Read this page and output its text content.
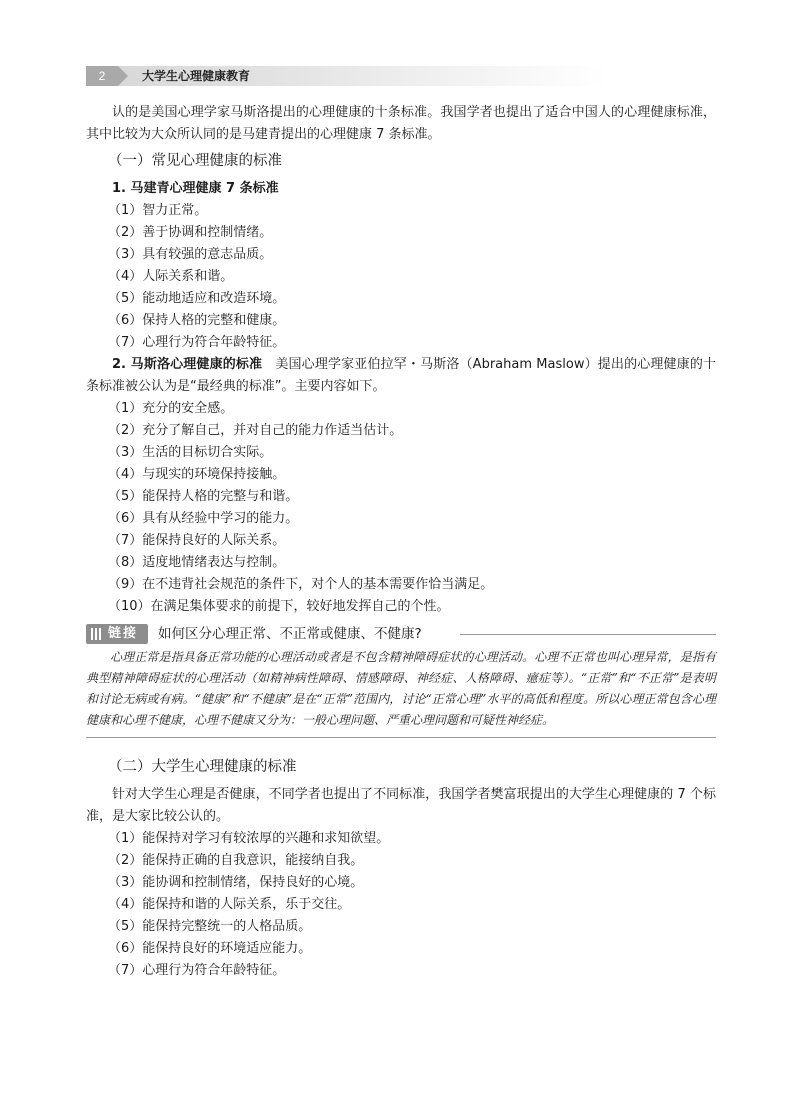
2	大学生心理健康教育

认的是美国心理学家马斯洛提出的心理健康的十条标准。我国学者也提出了适合中国人的心理健康标准，其中比较为大众所认同的是马建青提出的心理健康 7 条标准。

（一）常见心理健康的标准

1. 马建青心理健康 7 条标准

（1）智力正常。

（2）善于协调和控制情绪。

（3）具有较强的意志品质。

（4）人际关系和谐。

（5）能动地适应和改造环境。

（6）保持人格的完整和健康。

（7）心理行为符合年龄特征。

2. 马斯洛心理健康的标准　美国心理学家亚伯拉罕・马斯洛（Abraham Maslow）提出的心理健康的十条标准被公认为是“最经典的标准”。主要内容如下。

（1）充分的安全感。

（2）充分了解自己，并对自己的能力作适当估计。

（3）生活的目标切合实际。

（4）与现实的环境保持接触。

（5）能保持人格的完整与和谐。

（6）具有从经验中学习的能力。

（7）能保持良好的人际关系。

（8）适度地情绪表达与控制。

（9）在不违背社会规范的条件下，对个人的基本需要作恰当满足。

（10）在满足集体要求的前提下，较好地发挥自己的个性。

链接 如何区分心理正常、不正常或健康、不健康?

心理正常是指具备正常功能的心理活动或者是不包含精神障碍症状的心理活动。心理不正常也叫心理异常，是指有典型精神障碍症状的心理活动（如精神病性障碍、情感障碍、神经症、人格障碍、癔症等）。“正常”和“不正常”是表明和讨论无病或有病。“健康”和“不健康”是在“正常”范围内，讨论“正常心理”水平的高低和程度。所以心理正常包含心理健康和心理不健康，心理不健康又分为：一般心理问题、严重心理问题和可疑性神经症。

（二）大学生心理健康的标准

针对大学生心理是否健康，不同学者也提出了不同标准，我国学者樊富珉提出的大学生心理健康的 7 个标准，是大家比较公认的。

（1）能保持对学习有较浓厚的兴趣和求知欲望。

（2）能保持正确的自我意识，能接纳自我。

（3）能协调和控制情绪，保持良好的心境。

（4）能保持和谐的人际关系，乐于交往。

（5）能保持完整统一的人格品质。

（6）能保持良好的环境适应能力。

（7）心理行为符合年龄特征。
